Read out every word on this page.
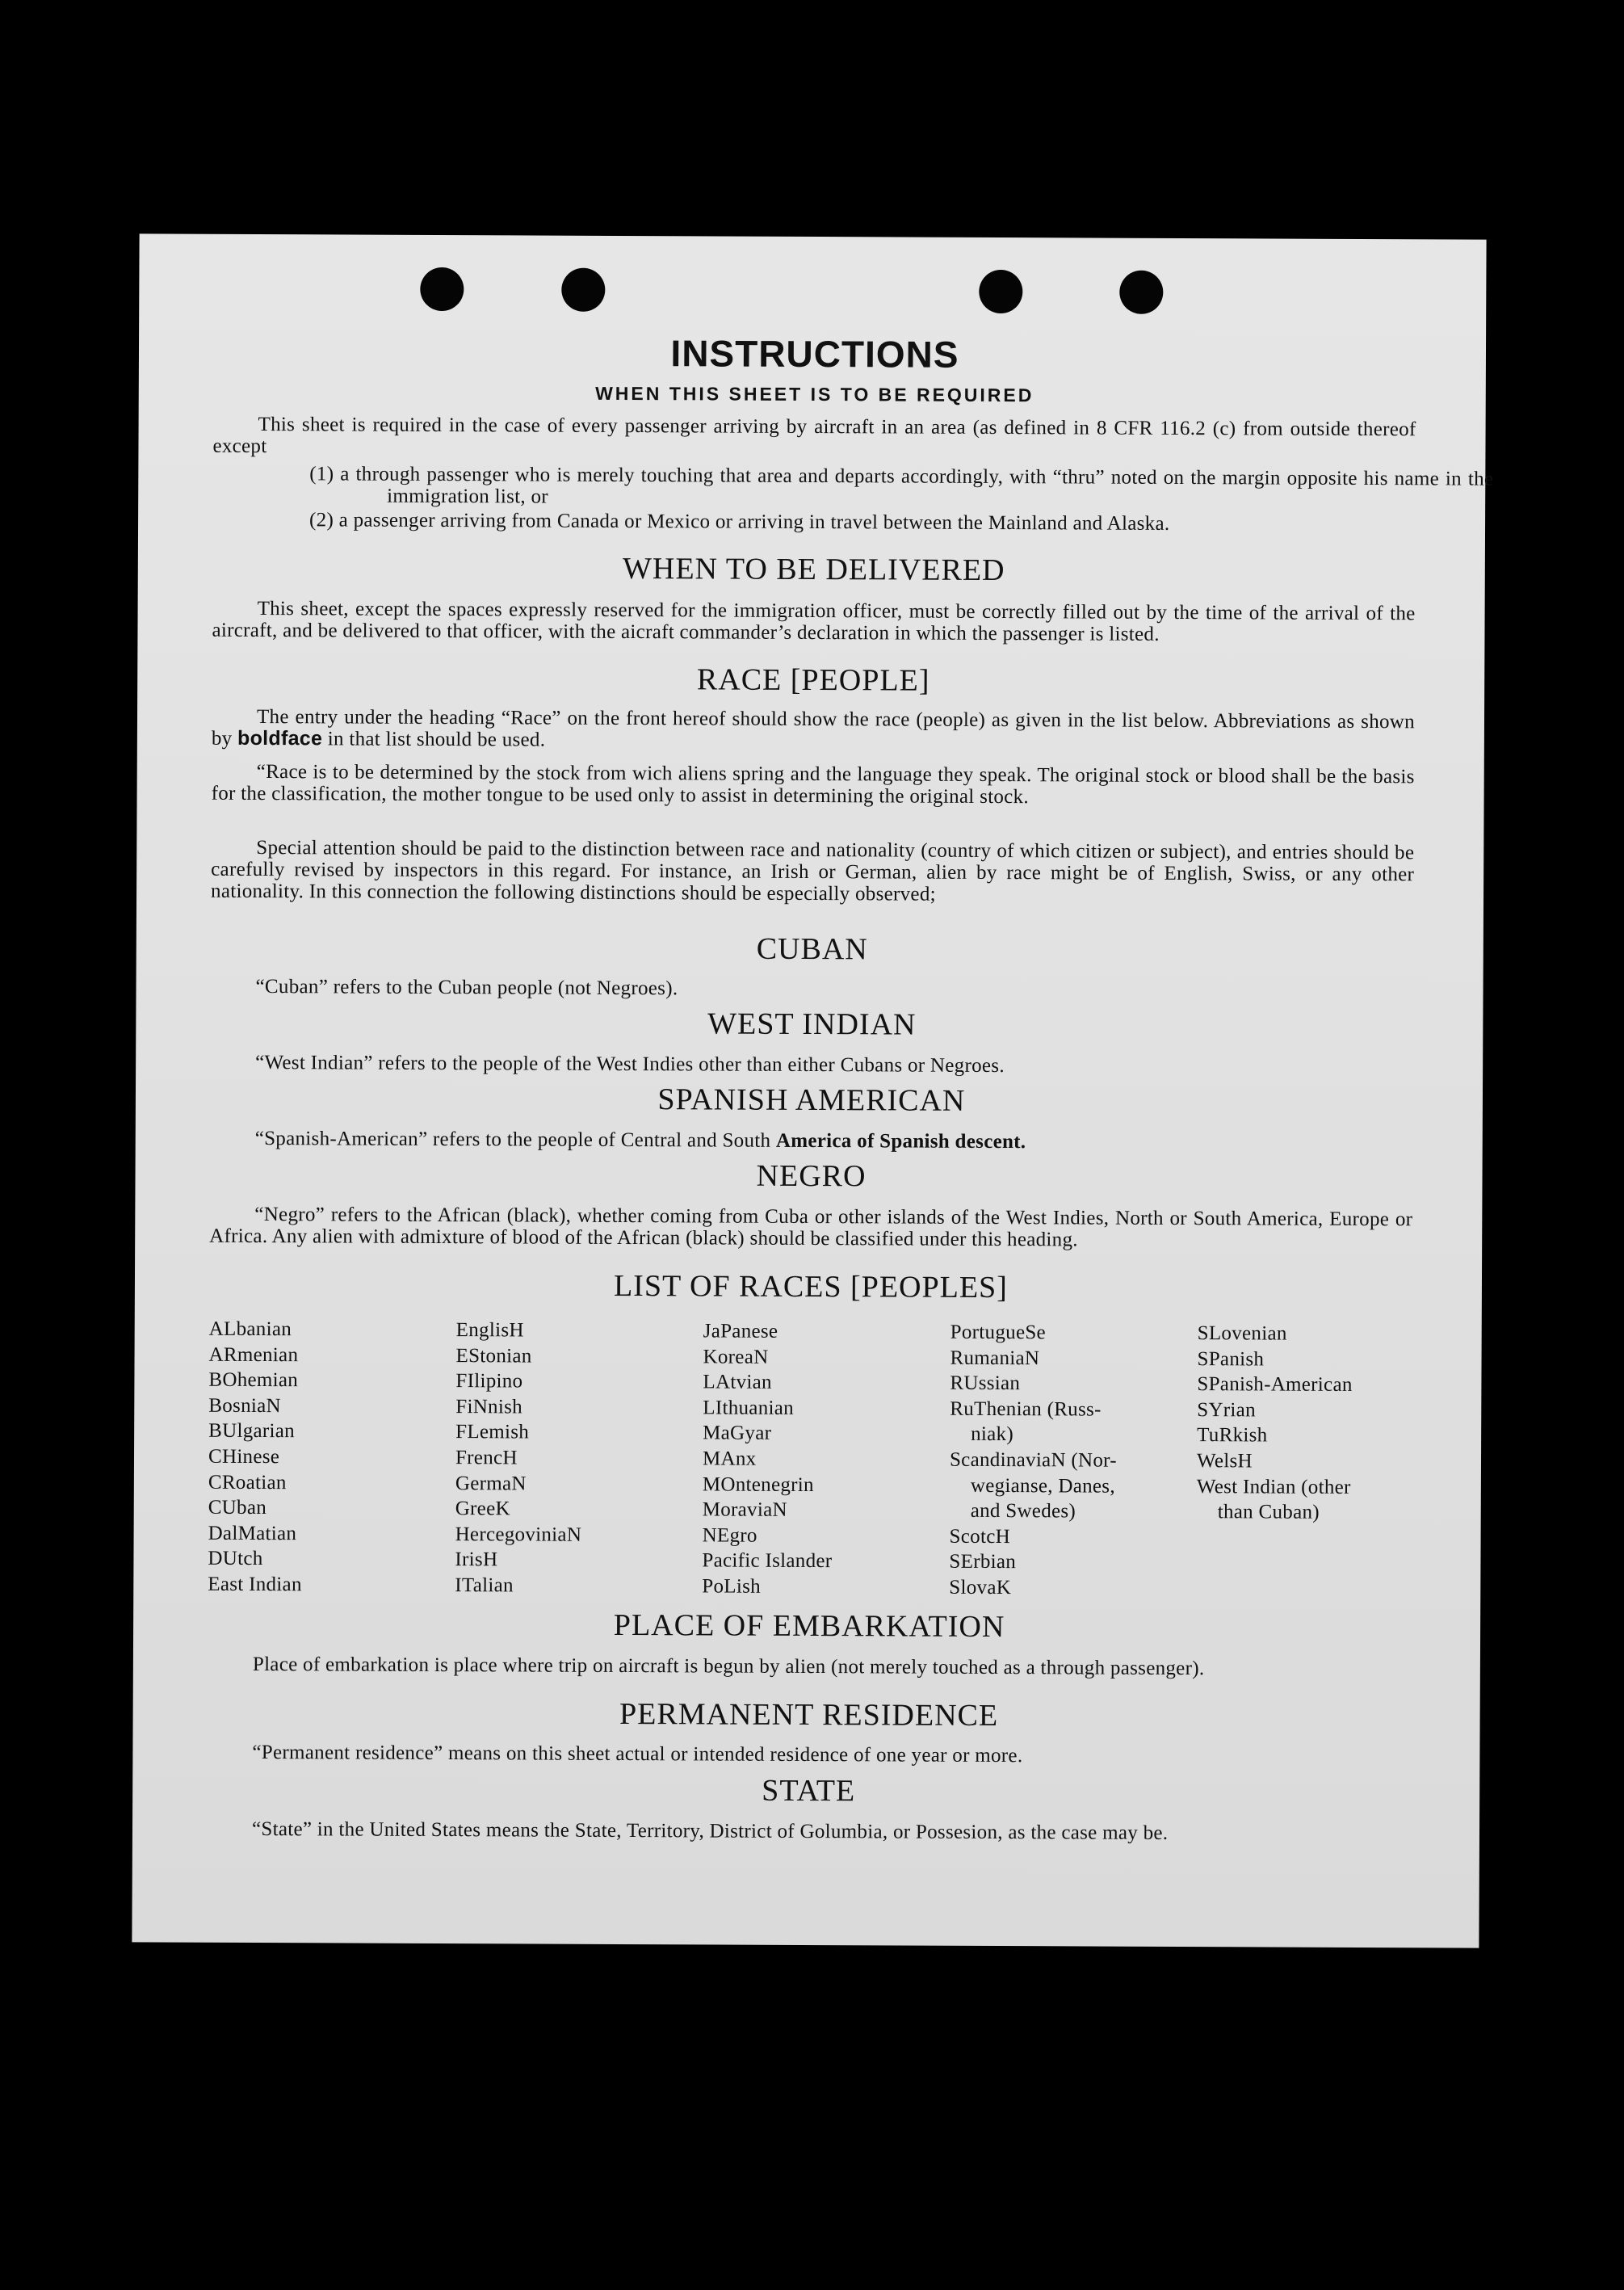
INSTRUCTIONS
WHEN THIS SHEET IS TO BE REQUIRED
This sheet is required in the case of every passenger arriving by aircraft in an area (as defined in 8 CFR 116.2 (c) from outside thereof except
(1) a through passenger who is merely touching that area and departs accordingly, with “thru” noted on the margin opposite his name in the immigration list, or
(2) a passenger arriving from Canada or Mexico or arriving in travel between the Mainland and Alaska.
WHEN TO BE DELIVERED
This sheet, except the spaces expressly reserved for the immigration officer, must be correctly filled out by the time of the arrival of the aircraft, and be delivered to that officer, with the aicraft commander’s declaration in which the passenger is listed.
RACE [PEOPLE]
The entry under the heading “Race” on the front hereof should show the race (people) as given in the list below. Abbreviations as shown by boldface in that list should be used.
“Race is to be determined by the stock from wich aliens spring and the language they speak. The original stock or blood shall be the basis for the classification, the mother tongue to be used only to assist in determining the original stock.
Special attention should be paid to the distinction between race and nationality (country of which citizen or subject), and entries should be carefully revised by inspectors in this regard. For instance, an Irish or German, alien by race might be of English, Swiss, or any other nationality. In this connection the following distinctions should be especially observed;
CUBAN
“Cuban” refers to the Cuban people (not Negroes).
WEST INDIAN
“West Indian” refers to the people of the West Indies other than either Cubans or Negroes.
SPANISH AMERICAN
“Spanish-American” refers to the people of Central and South America of Spanish descent.
NEGRO
“Negro” refers to the African (black), whether coming from Cuba or other islands of the West Indies, North or South America, Europe or Africa. Any alien with admixture of blood of the African (black) should be classified under this heading.
LIST OF RACES [PEOPLES]
ALbanian
ARmenian
BOhemian
BosniaN
BUlgarian
CHinese
CRoatian
CUban
DalMatian
DUtch
East Indian
EnglisH
EStonian
FIlipino
FiNnish
FLemish
FrencH
GermaN
GreeK
HercegoviniaN
IrisH
ITalian
JaPanese
KoreaN
LAtvian
LIthuanian
MaGyar
MAnx
MOntenegrin
MoraviaN
NEgro
Pacific Islander
PoLish
PortugueSe
RumaniaN
RUssian
RuThenian (Russ-
niak)
ScandinaviaN (Nor-
wegianse, Danes,
and Swedes)
ScotcH
SErbian
SlovaK
SLovenian
SPanish
SPanish-American
SYrian
TuRkish
WelsH
West Indian (other
than Cuban)
PLACE OF EMBARKATION
Place of embarkation is place where trip on aircraft is begun by alien (not merely touched as a through passenger).
PERMANENT RESIDENCE
“Permanent residence” means on this sheet actual or intended residence of one year or more.
STATE
“State” in the United States means the State, Territory, District of Golumbia, or Possesion, as the case may be.
